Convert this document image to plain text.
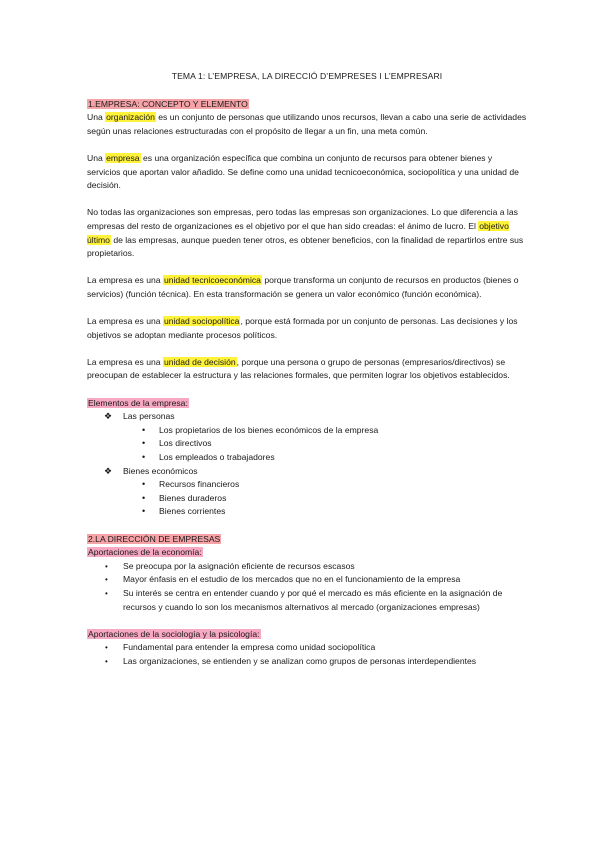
TEMA 1: L’EMPRESA, LA DIRECCIÓ D’EMPRESES I L’EMPRESARI
1.EMPRESA: CONCEPTO Y ELEMENTO
Una organización es un conjunto de personas que utilizando unos recursos, llevan a cabo una serie de actividades según unas relaciones estructuradas con el propósito de llegar a un fin, una meta común.
Una empresa es una organización específica que combina un conjunto de recursos para obtener bienes y servicios que aportan valor añadido. Se define como una unidad tecnicoeconómica, sociopolítica y una unidad de decisión.
No todas las organizaciones son empresas, pero todas las empresas son organizaciones. Lo que diferencia a las empresas del resto de organizaciones es el objetivo por el que han sido creadas: el ánimo de lucro. El objetivo último de las empresas, aunque pueden tener otros, es obtener beneficios, con la finalidad de repartirlos entre sus propietarios.
La empresa es una unidad tecnicoeconómica porque transforma un conjunto de recursos en productos (bienes o servicios) (función técnica). En esta transformación se genera un valor económico (función económica).
La empresa es una unidad sociopolítica, porque está formada por un conjunto de personas. Las decisiones y los objetivos se adoptan mediante procesos políticos.
La empresa es una unidad de decisión, porque una persona o grupo de personas (empresarios/directivos) se preocupan de establecer la estructura y las relaciones formales, que permiten lograr los objetivos establecidos.
Elementos de la empresa:
❖ Las personas
• Los propietarios de los bienes económicos de la empresa
• Los directivos
• Los empleados o trabajadores
❖ Bienes económicos
• Recursos financieros
• Bienes duraderos
• Bienes corrientes
2.LA DIRECCIÓN DE EMPRESAS
Aportaciones de la economía:
• Se preocupa por la asignación eficiente de recursos escasos
• Mayor énfasis en el estudio de los mercados que no en el funcionamiento de la empresa
• Su interés se centra en entender cuando y por qué el mercado es más eficiente en la asignación de recursos y cuando lo son los mecanismos alternativos al mercado (organizaciones empresas)
Aportaciones de la sociología y la psicología:
• Fundamental para entender la empresa como unidad sociopolítica
• Las organizaciones, se entienden y se analizan como grupos de personas interdependientes
